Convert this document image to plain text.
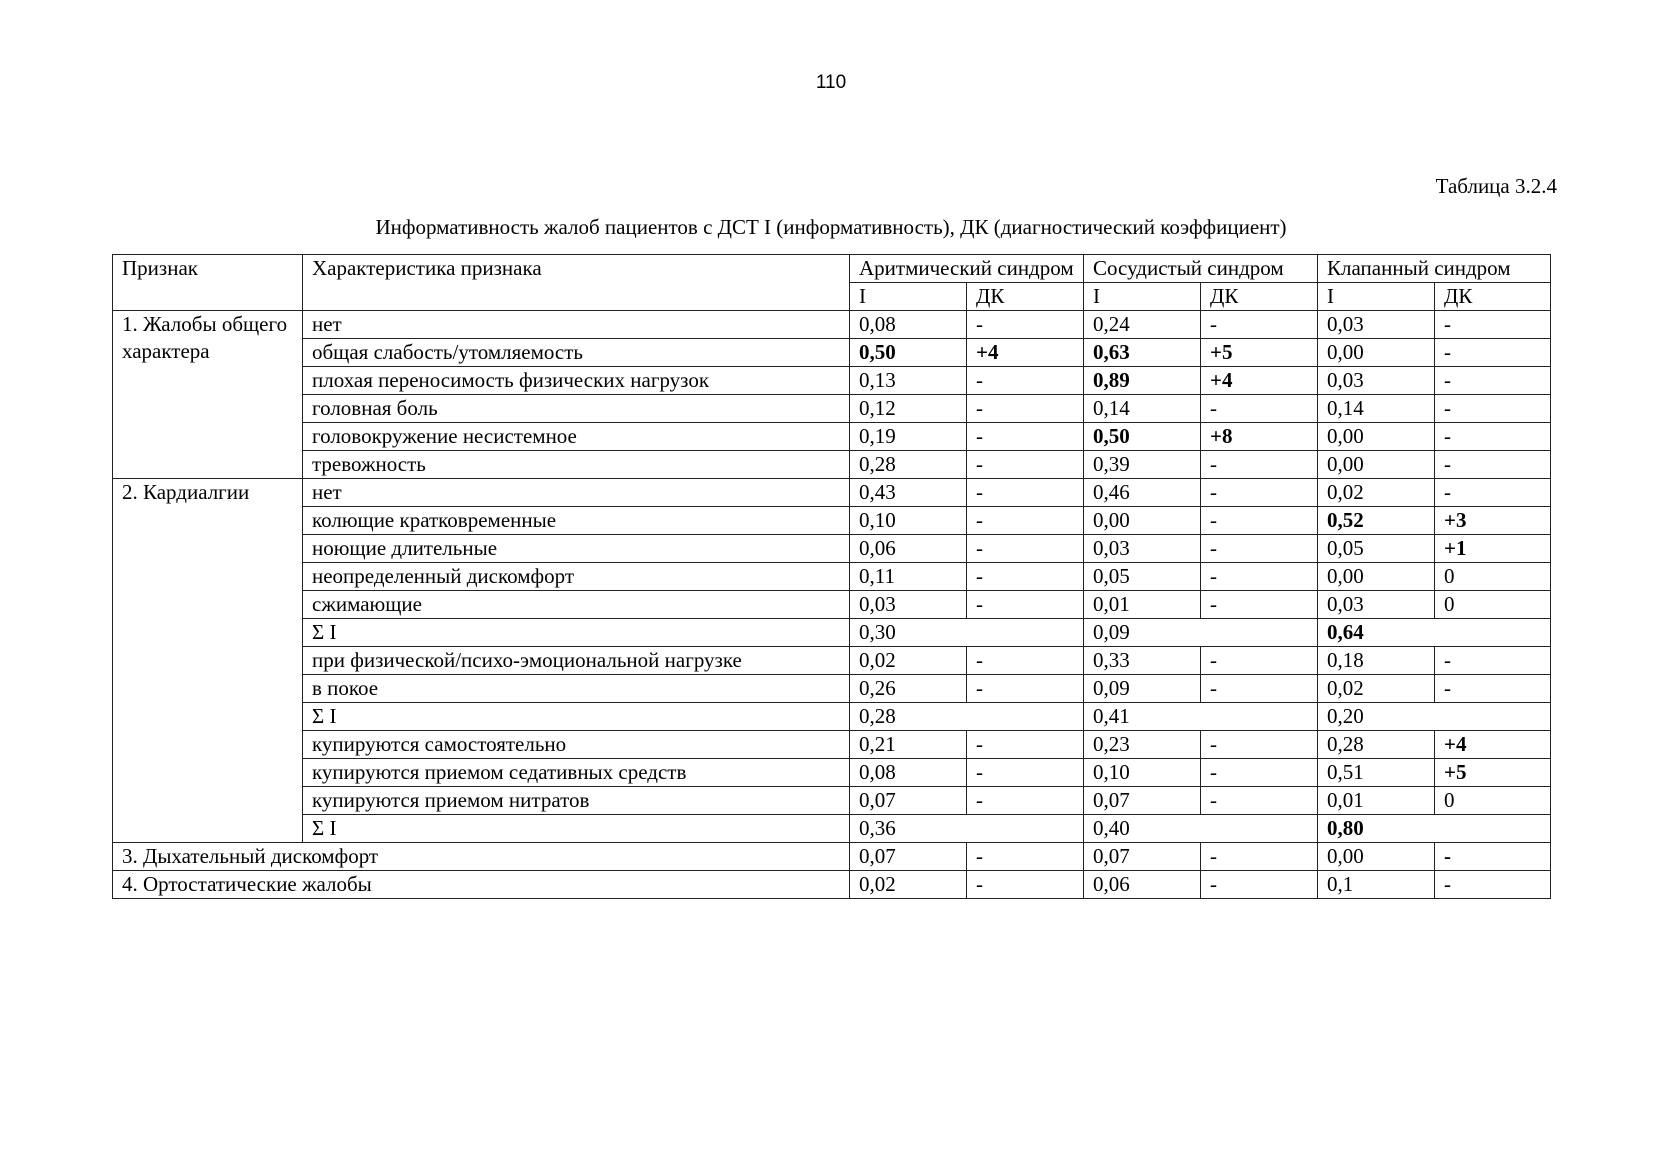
110
Таблица 3.2.4
Информативность жалоб пациентов с ДСТ I (информативность), ДК (диагностический коэффициент)
Признак	Характеристика признака	Аритмический синдром		Сосудистый синдром		Клапанный синдром	
		I	ДК	I	ДК	I	ДК
1. Жалобы общего характера	нет	0,08	-	0,24	-	0,03	-
	общая слабость/утомляемость	0,50	+4	0,63	+5	0,00	-
	плохая переносимость физических нагрузок	0,13	-	0,89	+4	0,03	-
	головная боль	0,12	-	0,14	-	0,14	-
	головокружение несистемное	0,19	-	0,50	+8	0,00	-
	тревожность	0,28	-	0,39	-	0,00	-
2. Кардиалгии	нет	0,43	-	0,46	-	0,02	-
	колющие кратковременные	0,10	-	0,00	-	0,52	+3
	ноющие длительные	0,06	-	0,03	-	0,05	+1
	неопределенный дискомфорт	0,11	-	0,05	-	0,00	0
	сжимающие	0,03	-	0,01	-	0,03	0
	Σ I	0,30		0,09		0,64	
	при физической/психо-эмоциональной нагрузке	0,02	-	0,33	-	0,18	-
	в покое	0,26	-	0,09	-	0,02	-
	Σ I	0,28		0,41		0,20	
	купируются самостоятельно	0,21	-	0,23	-	0,28	+4
	купируются приемом седативных средств	0,08	-	0,10	-	0,51	+5
	купируются приемом нитратов	0,07	-	0,07	-	0,01	0
	Σ I	0,36		0,40		0,80	
3. Дыхательный дискомфорт		0,07	-	0,07	-	0,00	-
4. Ортостатические жалобы		0,02	-	0,06	-	0,1	-
